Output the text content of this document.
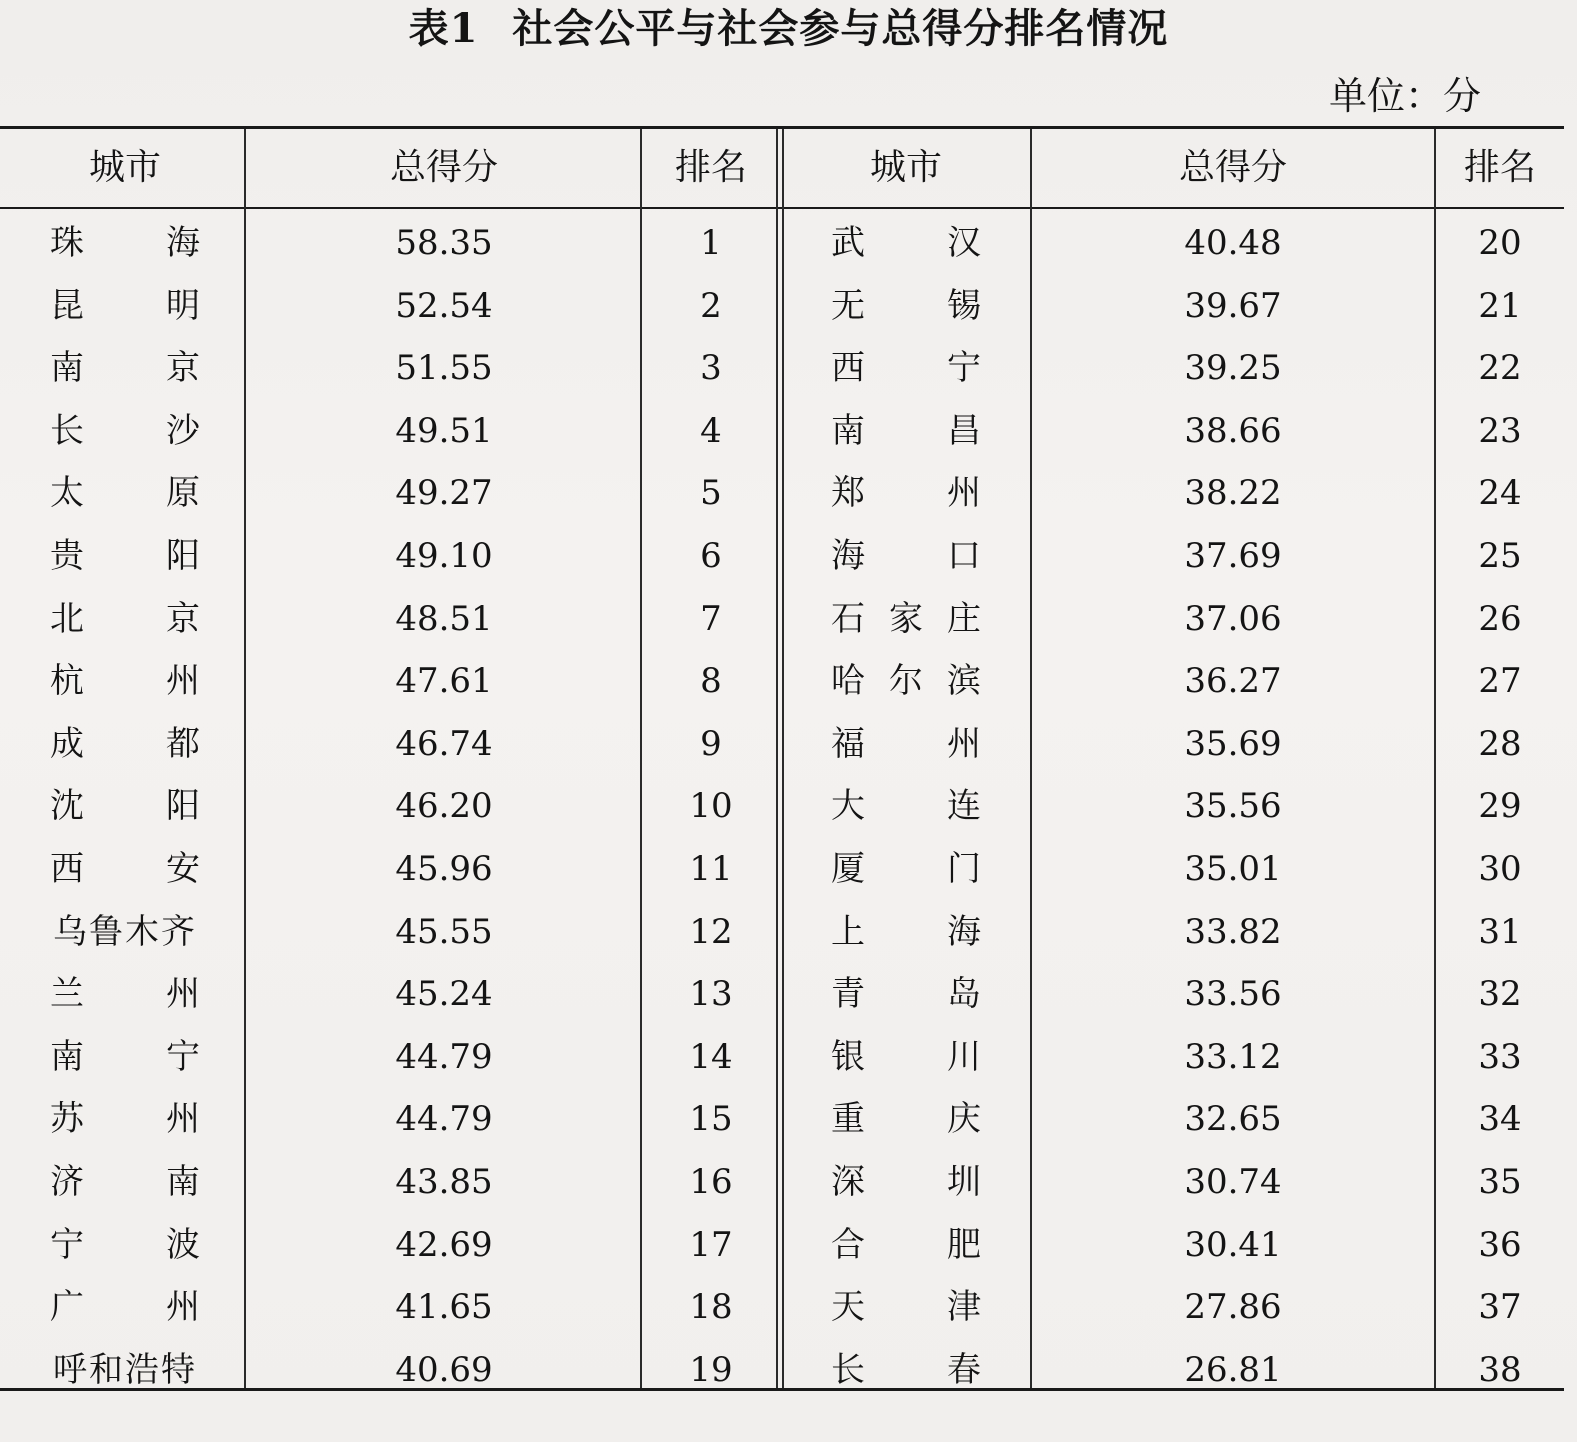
表1 社会公平与社会参与总得分排名情况
单位：分
城市	总得分	排名	城市	总得分	排名
珠海	58.35	1	武汉	40.48	20
昆明	52.54	2	无锡	39.67	21
南京	51.55	3	西宁	39.25	22
长沙	49.51	4	南昌	38.66	23
太原	49.27	5	郑州	38.22	24
贵阳	49.10	6	海口	37.69	25
北京	48.51	7	石家庄	37.06	26
杭州	47.61	8	哈尔滨	36.27	27
成都	46.74	9	福州	35.69	28
沈阳	46.20	10	大连	35.56	29
西安	45.96	11	厦门	35.01	30
乌鲁木齐	45.55	12	上海	33.82	31
兰州	45.24	13	青岛	33.56	32
南宁	44.79	14	银川	33.12	33
苏州	44.79	15	重庆	32.65	34
济南	43.85	16	深圳	30.74	35
宁波	42.69	17	合肥	30.41	36
广州	41.65	18	天津	27.86	37
呼和浩特	40.69	19	长春	26.81	38
